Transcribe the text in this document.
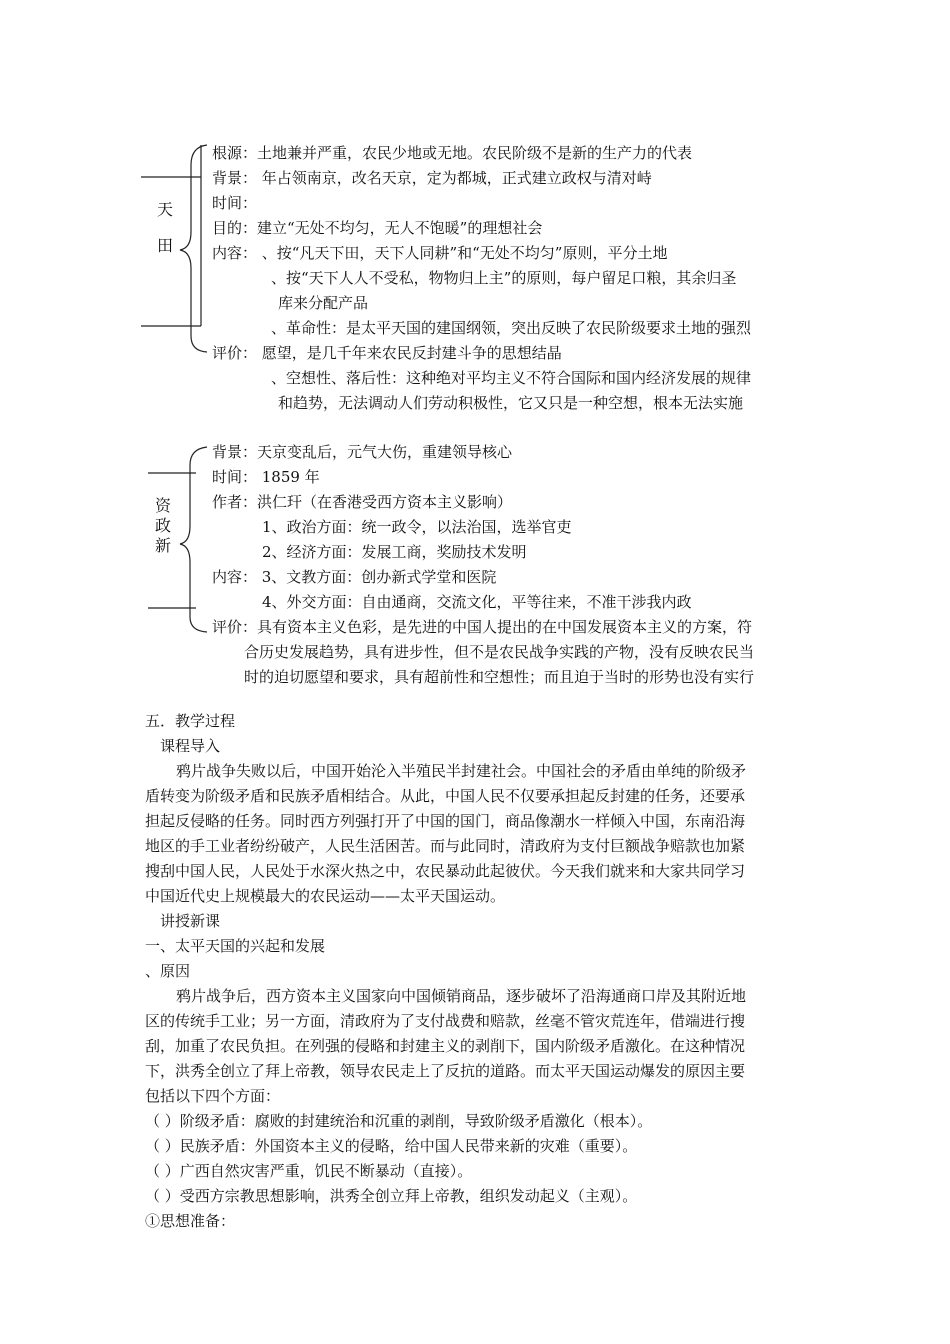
天
田
根源：土地兼并严重，农民少地或无地。农民阶级不是新的生产力的代表
背景： 年占领南京，改名天京，定为都城，正式建立政权与清对峙
时间：
目的：建立“无处不均匀，无人不饱暖”的理想社会
内容： 、按“凡天下田，天下人同耕”和“无处不均匀”原则，平分土地
、按“天下人人不受私，物物归上主”的原则，每户留足口粮，其余归圣
库来分配产品
、革命性：是太平天国的建国纲领，突出反映了农民阶级要求土地的强烈
评价： 愿望，是几千年来农民反封建斗争的思想结晶
、空想性、落后性：这种绝对平均主义不符合国际和国内经济发展的规律
和趋势，无法调动人们劳动积极性，它又只是一种空想，根本无法实施
资
政
新
背景：天京变乱后，元气大伤，重建领导核心
时间： 1859 年
作者：洪仁玕（在香港受西方资本主义影响）
1、政治方面：统一政令，以法治国，选举官吏
2、经济方面：发展工商，奖励技术发明
内容： 3、文教方面：创办新式学堂和医院
4、外交方面：自由通商，交流文化，平等往来，不准干涉我内政
评价：具有资本主义色彩，是先进的中国人提出的在中国发展资本主义的方案，符
合历史发展趋势，具有进步性，但不是农民战争实践的产物，没有反映农民当
时的迫切愿望和要求，具有超前性和空想性；而且迫于当时的形势也没有实行
五．教学过程
课程导入
鸦片战争失败以后，中国开始沦入半殖民半封建社会。中国社会的矛盾由单纯的阶级矛
盾转变为阶级矛盾和民族矛盾相结合。从此，中国人民不仅要承担起反封建的任务，还要承
担起反侵略的任务。同时西方列强打开了中国的国门，商品像潮水一样倾入中国，东南沿海
地区的手工业者纷纷破产，人民生活困苦。而与此同时，清政府为支付巨额战争赔款也加紧
搜刮中国人民，人民处于水深火热之中，农民暴动此起彼伏。今天我们就来和大家共同学习
中国近代史上规模最大的农民运动——太平天国运动。
讲授新课
一、太平天国的兴起和发展
、原因
鸦片战争后，西方资本主义国家向中国倾销商品，逐步破坏了沿海通商口岸及其附近地
区的传统手工业；另一方面，清政府为了支付战费和赔款，丝毫不管灾荒连年，借端进行搜
刮，加重了农民负担。在列强的侵略和封建主义的剥削下，国内阶级矛盾激化。在这种情况
下，洪秀全创立了拜上帝教，领导农民走上了反抗的道路。而太平天国运动爆发的原因主要
包括以下四个方面：
（ ）阶级矛盾：腐败的封建统治和沉重的剥削，导致阶级矛盾激化（根本）。
（ ）民族矛盾：外国资本主义的侵略，给中国人民带来新的灾难（重要）。
（ ）广西自然灾害严重，饥民不断暴动（直接）。
（ ）受西方宗教思想影响，洪秀全创立拜上帝教，组织发动起义（主观）。
①思想准备：
